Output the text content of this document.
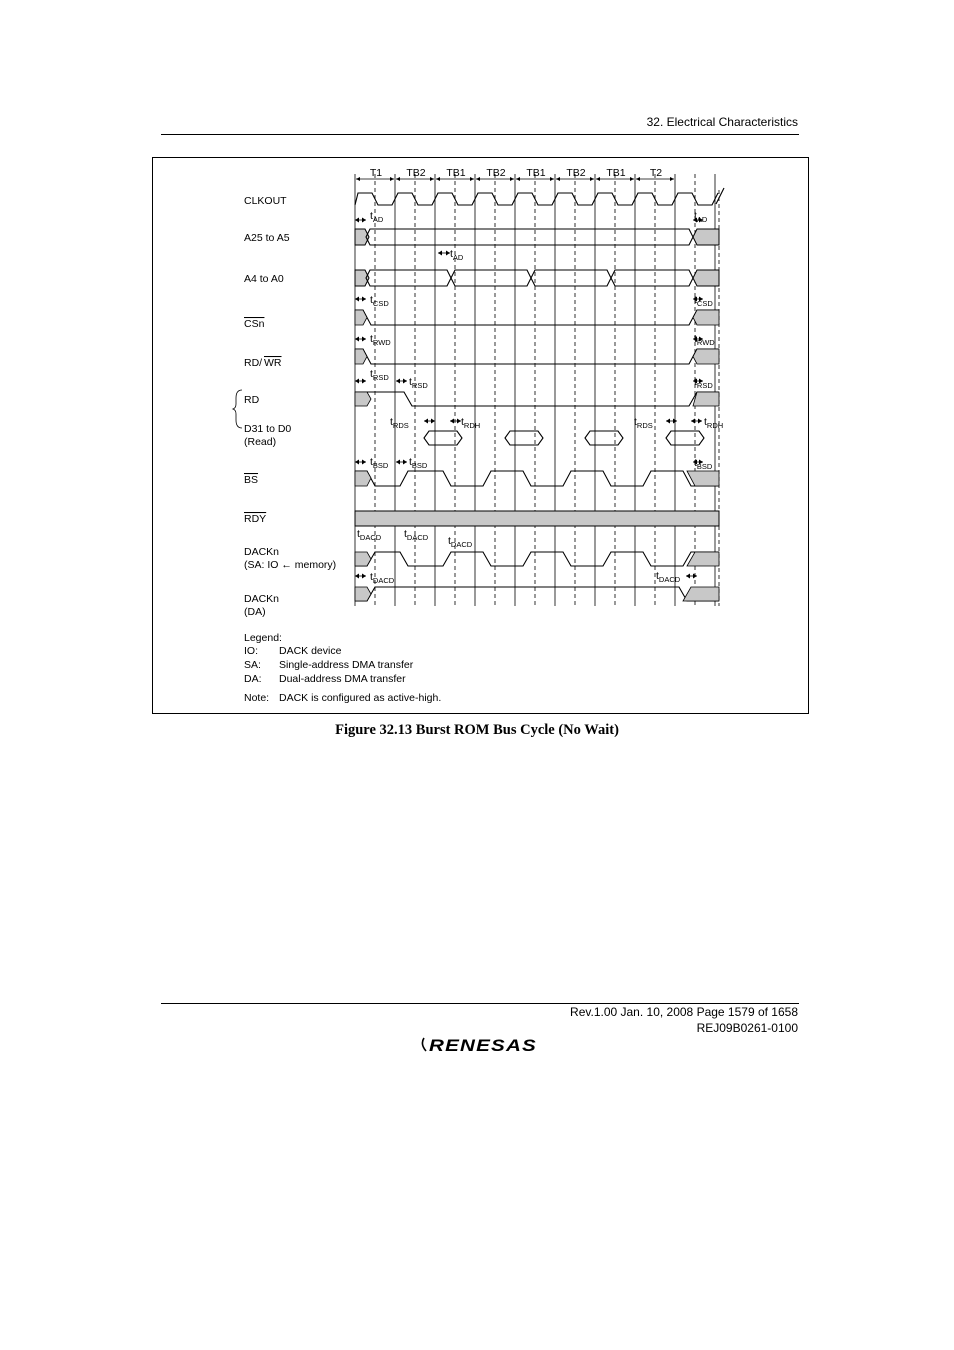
32. Electrical Characteristics
T1 TB2 TB1 TB2 TB1 TB2 TB1 T2
CLKOUT
A25 to A5
A4 to A0
CSn
RD/ WR
RD
D31 to D0
(Read)
BS
RDY
DACKn
(SA: IO ← memory)
DACKn
(DA)
$t_{AD}$	$t_{AD}$
$t_{AD}$
$t_{CSD}$	$t_{CSD}$
$t_{RWD}$	$t_{RWD}$
$t_{RSD}$ $t_{RSD}$	$t_{RSD}$
$t_{RDH}$	$t_{RDH}$
$t_{BSD}$ $t_{BSD}$	$t_{BSD}$
$t_{DACD}$
$t_{RDS}$	$t_{RDS}$
$t_{DACD}$ $t_{DACD}$ $t_{DACD}$
$t_{DACD}$
Legend:
IO: DACK device
SA: Single-address DMA transfer
DA: Dual-address DMA transfer
Note: DACK is configured as active-high.
Figure 32.13 Burst ROM Bus Cycle (No Wait)
Rev.1.00 Jan. 10, 2008 Page 1579 of 1658
REJ09B0261-0100
RENESAS
